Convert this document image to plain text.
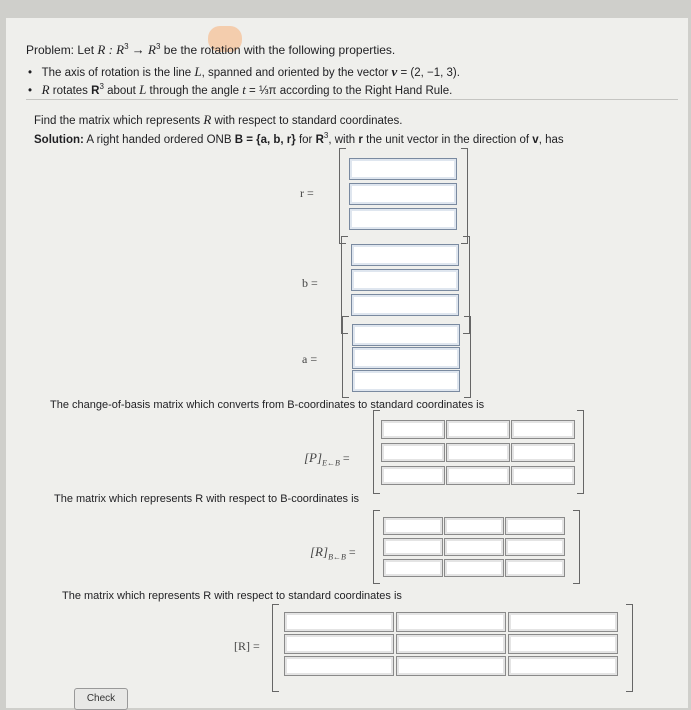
Problem: Let R : $R^3 \to R^3$ be the rotation with the following properties.
•   The axis of rotation is the line L, spanned and oriented by the vector v = (2, −1, 3).
•   R rotates $R^3$ about L through the angle t = ⅓π according to the Right Hand Rule.
Find the matrix which represents R with respect to standard coordinates.
Solution: A right handed ordered ONB B = {a, b, r} for $R^3$, with r the unit vector in the direction of v, has
r =
b =
a =
The change-of-basis matrix which converts from B-coordinates to standard coordinates is
$[P]_{E\leftarrow B}$ =
The matrix which represents R with respect to B-coordinates is
$[R]_{B\leftarrow B}$ =
The matrix which represents R with respect to standard coordinates is
[R] =
Check
